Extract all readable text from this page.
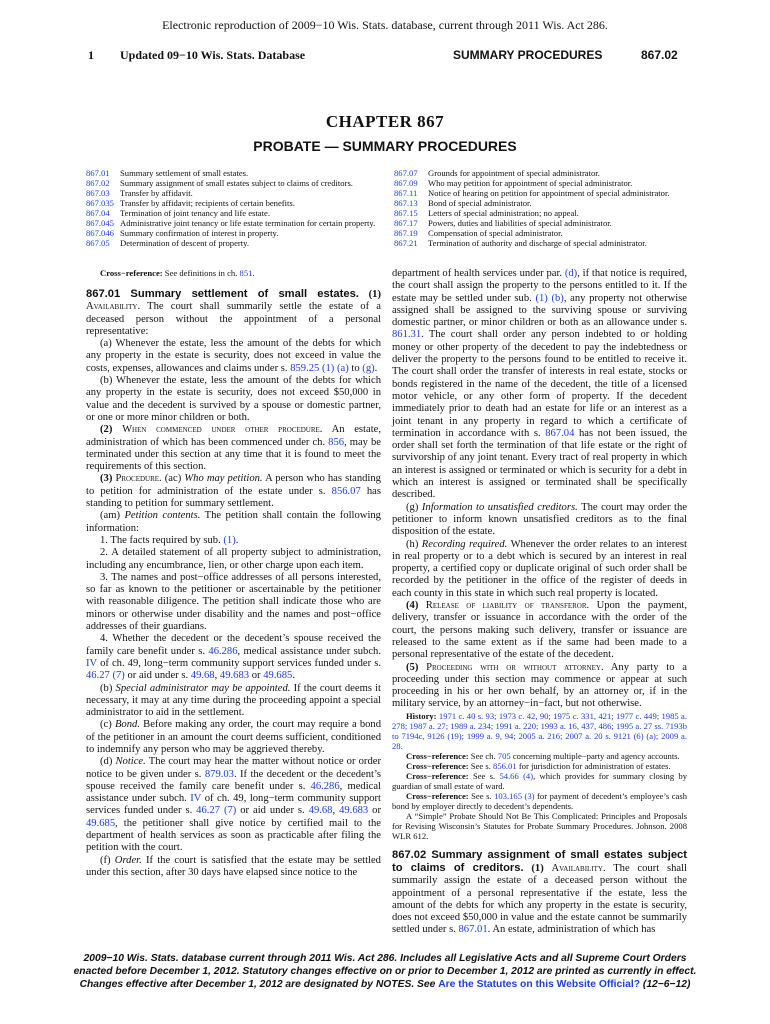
Electronic reproduction of 2009−10 Wis. Stats. database, current through 2011 Wis. Act 286.
1 Updated 09−10 Wis. Stats. Database	SUMMARY PROCEDURES	867.02
CHAPTER 867
PROBATE — SUMMARY PROCEDURES
867.01	Summary settlement of small estates.
867.02	Summary assignment of small estates subject to claims of creditors.
867.03	Transfer by affidavit.
867.035 Transfer by affidavit; recipients of certain benefits.
867.04	Termination of joint tenancy and life estate.
867.045 Administrative joint tenancy or life estate termination for certain property.
867.046 Summary confirmation of interest in property.
867.05	Determination of descent of property.
867.07	Grounds for appointment of special administrator.
867.09	Who may petition for appointment of special administrator.
867.11	Notice of hearing on petition for appointment of special administrator.
867.13	Bond of special administrator.
867.15	Letters of special administration; no appeal.
867.17	Powers, duties and liabilities of special administrator.
867.19	Compensation of special administrator.
867.21	Termination of authority and discharge of special administrator.

Cross−reference: See definitions in ch. 851.

867.01 Summary settlement of small estates. (1) Availability. The court shall summarily settle the estate of a deceased person without the appointment of a personal representative:

(a) Whenever the estate, less the amount of the debts for which any property in the estate is security, does not exceed in value the costs, expenses, allowances and claims under s. 859.25 (1) (a) to (g).

(b) Whenever the estate, less the amount of the debts for which any property in the estate is security, does not exceed $50,000 in value and the decedent is survived by a spouse or domestic partner, or one or more minor children or both.

(2) When commenced under other procedure. An estate, administration of which has been commenced under ch. 856, may be terminated under this section at any time that it is found to meet the requirements of this section.

(3) Procedure. (ac) Who may petition. A person who has standing to petition for administration of the estate under s. 856.07 has standing to petition for summary settlement.

(am) Petition contents. The petition shall contain the following information:

1. The facts required by sub. (1).

2. A detailed statement of all property subject to administration, including any encumbrance, lien, or other charge upon each item.

3. The names and post−office addresses of all persons interested, so far as known to the petitioner or ascertainable by the petitioner with reasonable diligence. The petition shall indicate those who are minors or otherwise under disability and the names and post−office addresses of their guardians.

4. Whether the decedent or the decedent’s spouse received the family care benefit under s. 46.286, medical assistance under subch. IV of ch. 49, long−term community support services funded under s. 46.27 (7) or aid under s. 49.68, 49.683 or 49.685.

(b) Special administrator may be appointed. If the court deems it necessary, it may at any time during the proceeding appoint a special administrator to aid in the settlement.

(c) Bond. Before making any order, the court may require a bond of the petitioner in an amount the court deems sufficient, conditioned to indemnify any person who may be aggrieved thereby.

(d) Notice. The court may hear the matter without notice or order notice to be given under s. 879.03. If the decedent or the decedent’s spouse received the family care benefit under s. 46.286, medical assistance under subch. IV of ch. 49, long−term community support services funded under s. 46.27 (7) or aid under s. 49.68, 49.683 or 49.685, the petitioner shall give notice by certified mail to the department of health services as soon as practicable after filing the petition with the court.

(f) Order. If the court is satisfied that the estate may be settled under this section, after 30 days have elapsed since notice to the

department of health services under par. (d), if that notice is required, the court shall assign the property to the persons entitled to it. If the estate may be settled under sub. (1) (b), any property not otherwise assigned shall be assigned to the surviving spouse or surviving domestic partner, or minor children or both as an allowance under s. 861.31. The court shall order any person indebted to or holding money or other property of the decedent to pay the indebtedness or deliver the property to the persons found to be entitled to receive it. The court shall order the transfer of interests in real estate, stocks or bonds registered in the name of the decedent, the title of a licensed motor vehicle, or any other form of property. If the decedent immediately prior to death had an estate for life or an interest as a joint tenant in any property in regard to which a certificate of termination in accordance with s. 867.04 has not been issued, the order shall set forth the termination of that life estate or the right of survivorship of any joint tenant. Every tract of real property in which an interest is assigned or terminated or which is security for a debt in which an interest is assigned or terminated shall be specifically described.

(g) Information to unsatisfied creditors. The court may order the petitioner to inform known unsatisfied creditors as to the final disposition of the estate.

(h) Recording required. Whenever the order relates to an interest in real property or to a debt which is secured by an interest in real property, a certified copy or duplicate original of such order shall be recorded by the petitioner in the office of the register of deeds in each county in this state in which such real property is located.

(4) Release of liability of transferor. Upon the payment, delivery, transfer or issuance in accordance with the order of the court, the persons making such delivery, transfer or issuance are released to the same extent as if the same had been made to a personal representative of the estate of the decedent.

(5) Proceeding with or without attorney. Any party to a proceeding under this section may commence or appear at such proceeding in his or her own behalf, by an attorney or, if in the military service, by an attorney−in−fact, but not otherwise.

History: 1971 c. 40 s. 93; 1973 c. 42, 90; 1975 c. 331, 421; 1977 c. 449; 1985 a. 278; 1987 a. 27; 1989 a. 234; 1991 a. 220; 1993 a. 16, 437, 486; 1995 a. 27 ss. 7193b to 7194c, 9126 (19); 1999 a. 9, 94; 2005 a. 216; 2007 a. 20 s. 9121 (6) (a); 2009 a. 28.

Cross−reference: See ch. 705 concerning multiple−party and agency accounts.

Cross−reference: See s. 856.01 for jurisdiction for administration of estates.

Cross−reference: See s. 54.66 (4), which provides for summary closing by guardian of small estate of ward.

Cross−reference: See s. 103.165 (3) for payment of decedent’s employee’s cash bond by employer directly to decedent’s dependents.

A “Simple” Probate Should Not Be This Complicated: Principles and Proposals for Revising Wisconsin’s Statutes for Probate Summary Procedures. Johnson. 2008 WLR 612.

867.02 Summary assignment of small estates subject to claims of creditors. (1) Availability. The court shall summarily assign the estate of a deceased person without the appointment of a personal representative if the estate, less the amount of the debts for which any property in the estate is security, does not exceed $50,000 in value and the estate cannot be summarily settled under s. 867.01. An estate, administration of which has

2009−10 Wis. Stats. database current through 2011 Wis. Act 286. Includes all Legislative Acts and all Supreme Court Orders
enacted before December 1, 2012. Statutory changes effective on or prior to December 1, 2012 are printed as currently in effect.
Changes effective after December 1, 2012 are designated by NOTES. See Are the Statutes on this Website Official? (12−6−12)
